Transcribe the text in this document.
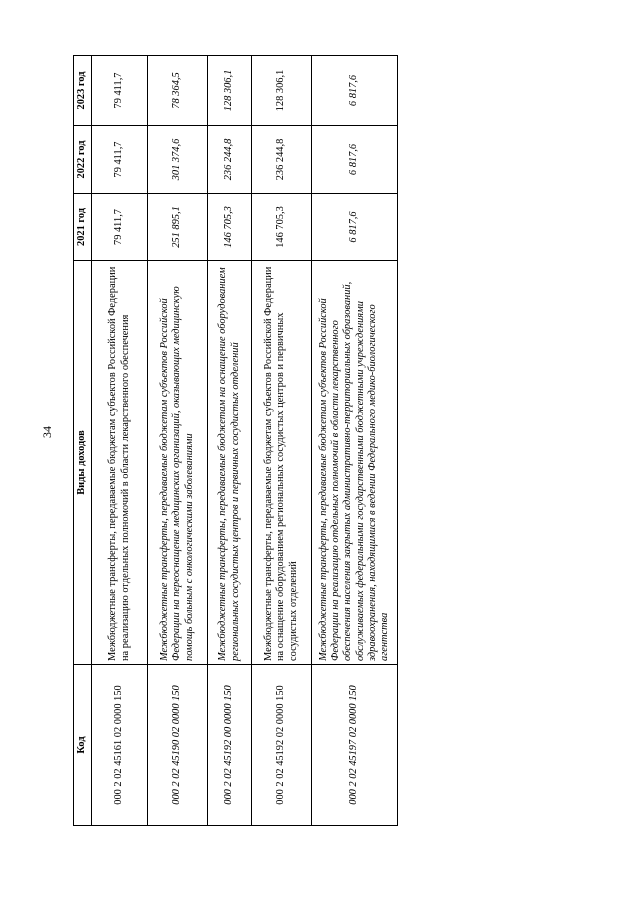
34
Код	Виды доходов	2021 год	2022 год	2023 год
000 2 02 45161 02 0000 150	Межбюджетные трансферты, передаваемые бюджетам субъектов Российской Федерации на реализацию отдельных полномочий в области лекарственного обеспечения	79 411,7	79 411,7	79 411,7
000 2 02 45190 02 0000 150	Межбюджетные трансферты, передаваемые бюджетам субъектов Российской Федерации на переоснащение медицинских организаций, оказывающих медицинскую помощь больным с онкологическими заболеваниями	251 895,1	301 374,6	78 364,5
000 2 02 45192 00 0000 150	Межбюджетные трансферты, передаваемые бюджетам на оснащение оборудованием региональных сосудистых центров и первичных сосудистых отделений	146 705,3	236 244,8	128 306,1
000 2 02 45192 02 0000 150	Межбюджетные трансферты, передаваемые бюджетам субъектов Российской Федерации на оснащение оборудованием региональных сосудистых центров и первичных сосудистых отделений	146 705,3	236 244,8	128 306,1
000 2 02 45197 02 0000 150	Межбюджетные трансферты, передаваемые бюджетам субъектов Российской Федерации на реализацию отдельных полномочий в области лекарственного обеспечения населения закрытых административно-территориальных образований, обслуживаемых федеральными государственными бюджетными учреждениями здравоохранения, находящимися в ведении Федерального медико-биологического агентства	6 817,6	6 817,6	6 817,6
